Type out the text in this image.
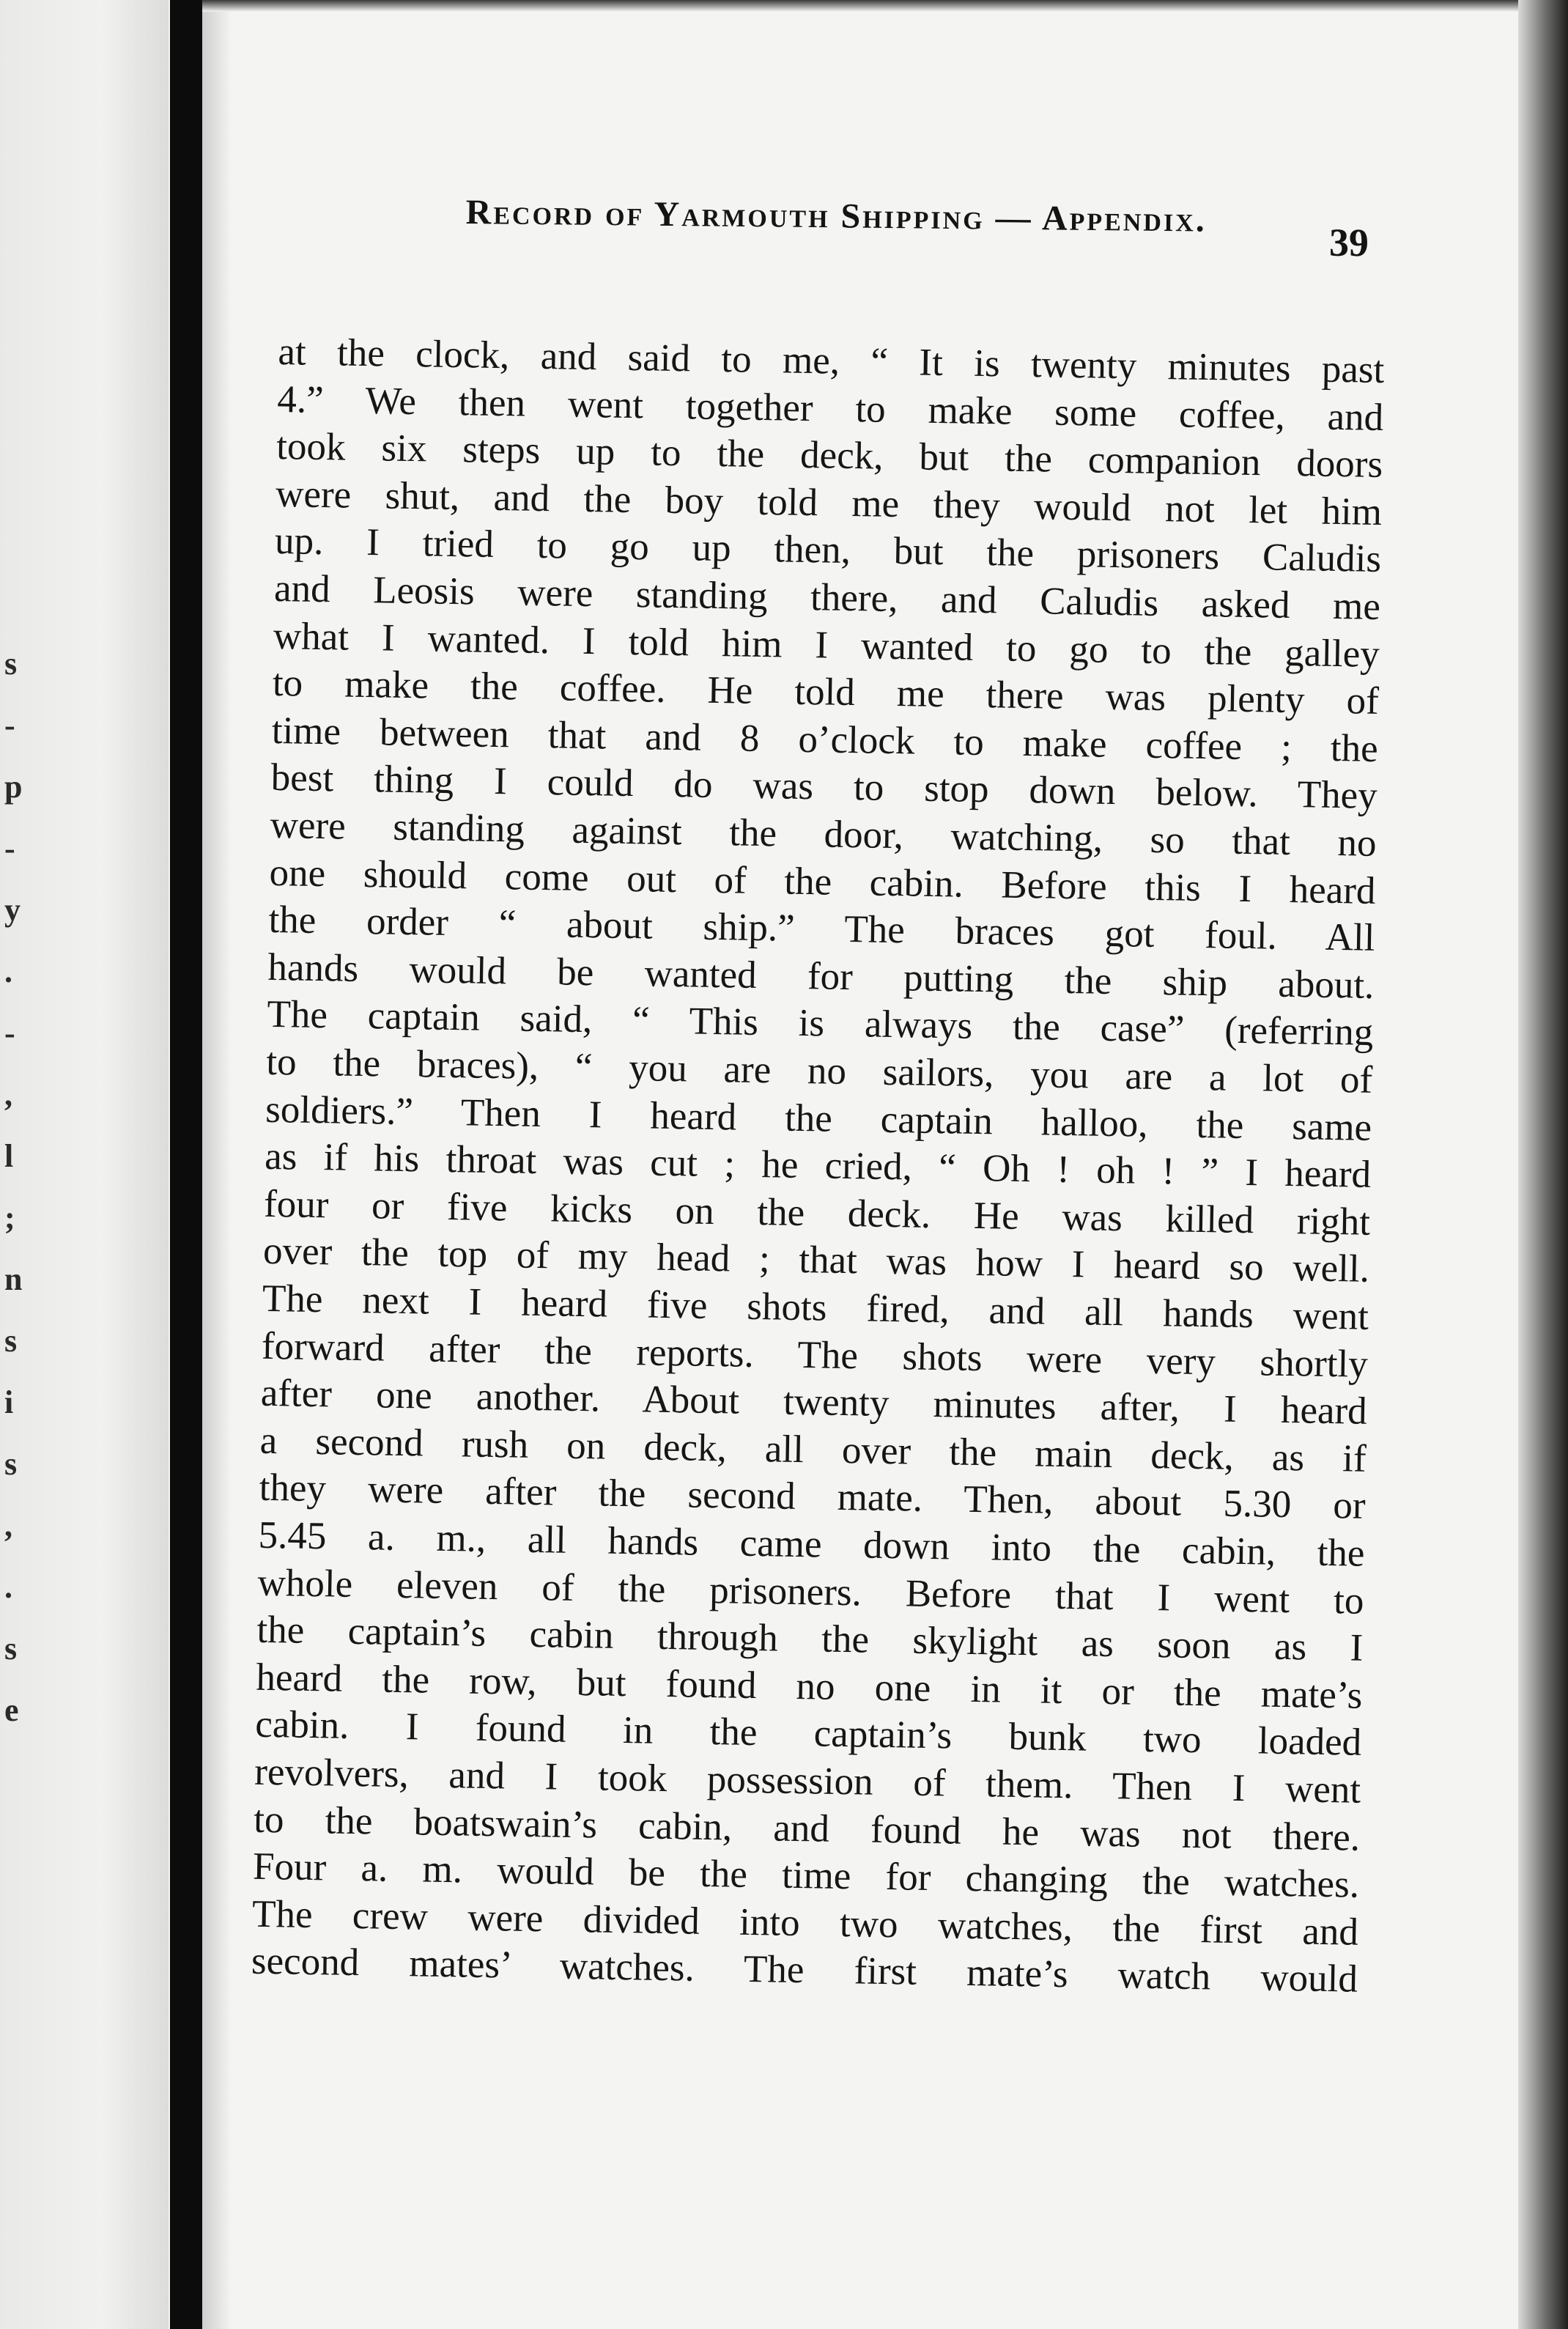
s
-
p
-
y
.
-
,
l
;
n
s
i
s
,
.
s
e
Record of Yarmouth Shipping — Appendix.
39
at the clock, and said to me, “ It is twenty minutes past
4.” We then went together to make some coffee, and
took six steps up to the deck, but the companion doors
were shut, and the boy told me they would not let him
up. I tried to go up then, but the prisoners Caludis
and Leosis were standing there, and Caludis asked me
what I wanted. I told him I wanted to go to the galley
to make the coffee. He told me there was plenty of
time between that and 8 o’clock to make coffee ; the
best thing I could do was to stop down below. They
were standing against the door, watching, so that no
one should come out of the cabin. Before this I heard
the order “ about ship.” The braces got foul. All
hands would be wanted for putting the ship about.
The captain said, “ This is always the case” (referring
to the braces), “ you are no sailors, you are a lot of
soldiers.” Then I heard the captain halloo, the same
as if his throat was cut ; he cried, “ Oh ! oh ! ” I heard
four or five kicks on the deck. He was killed right
over the top of my head ; that was how I heard so well.
The next I heard five shots fired, and all hands went
forward after the reports. The shots were very shortly
after one another. About twenty minutes after, I heard
a second rush on deck, all over the main deck, as if
they were after the second mate. Then, about 5.30 or
5.45 a. m., all hands came down into the cabin, the
whole eleven of the prisoners. Before that I went to
the captain’s cabin through the skylight as soon as I
heard the row, but found no one in it or the mate’s
cabin. I found in the captain’s bunk two loaded
revolvers, and I took possession of them. Then I went
to the boatswain’s cabin, and found he was not there.
Four a. m. would be the time for changing the watches.
The crew were divided into two watches, the first and
second mates’ watches. The first mate’s watch would
